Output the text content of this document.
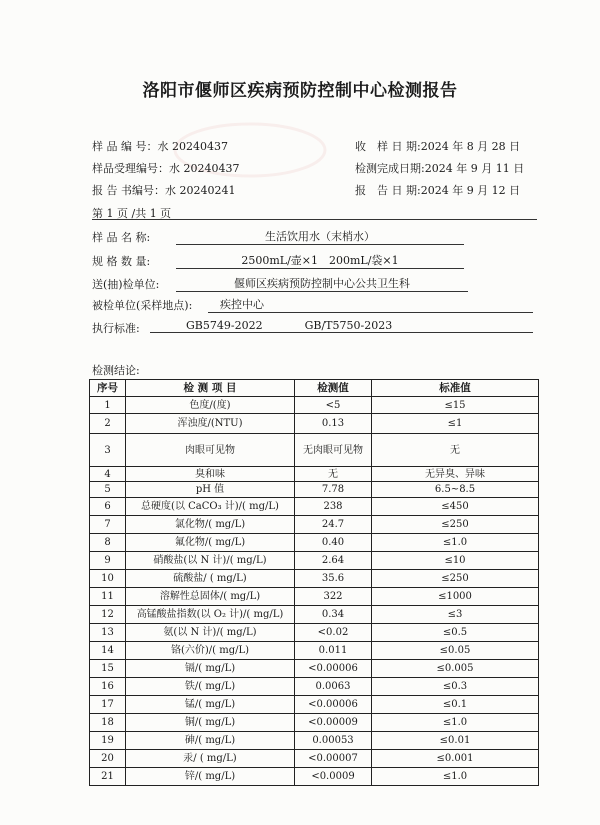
洛阳市偃师区疾病预防控制中心检测报告
样 品 编 号：水 20240437
样品受理编号：水 20240437
报 告 书编号：水 20240241
收　样 日 期:2024 年 8 月 28 日
检测完成日期:2024 年 9 月 11 日
报　告 日 期:2024 年 9 月 12 日
第 1 页 /共 1 页
样 品 名 称:	生活饮用水（末梢水）
规 格 数 量:	2500mL/壶×1　200mL/袋×1
送(抽)检单位:	偃师区疾病预防控制中心公共卫生科
被检单位(采样地点):	疾控中心
执行标准:	GB5749-2022	GB/T5750-2023
检测结论:
序号	检 测 项 目	检测值	标准值
1	色度/(度)	<5	≤15
2	浑浊度/(NTU)	0.13	≤1
3	肉眼可见物	无肉眼可见物	无
4	臭和味	无	无异臭、异味
5	pH 值	7.78	6.5~8.5
6	总硬度(以 CaCO₃ 计)/( mg/L)	238	≤450
7	氯化物/( mg/L)	24.7	≤250
8	氟化物/( mg/L)	0.40	≤1.0
9	硝酸盐(以 N 计)/( mg/L)	2.64	≤10
10	硫酸盐/ ( mg/L)	35.6	≤250
11	溶解性总固体/( mg/L)	322	≤1000
12	高锰酸盐指数(以 O₂ 计)/( mg/L)	0.34	≤3
13	氨(以 N 计)/( mg/L)	<0.02	≤0.5
14	铬(六价)/( mg/L)	0.011	≤0.05
15	镉/( mg/L)	<0.00006	≤0.005
16	铁/( mg/L)	0.0063	≤0.3
17	锰/( mg/L)	<0.00006	≤0.1
18	铜/( mg/L)	<0.00009	≤1.0
19	砷/( mg/L)	0.00053	≤0.01
20	汞/ ( mg/L)	<0.00007	≤0.001
21	锌/( mg/L)	<0.0009	≤1.0
